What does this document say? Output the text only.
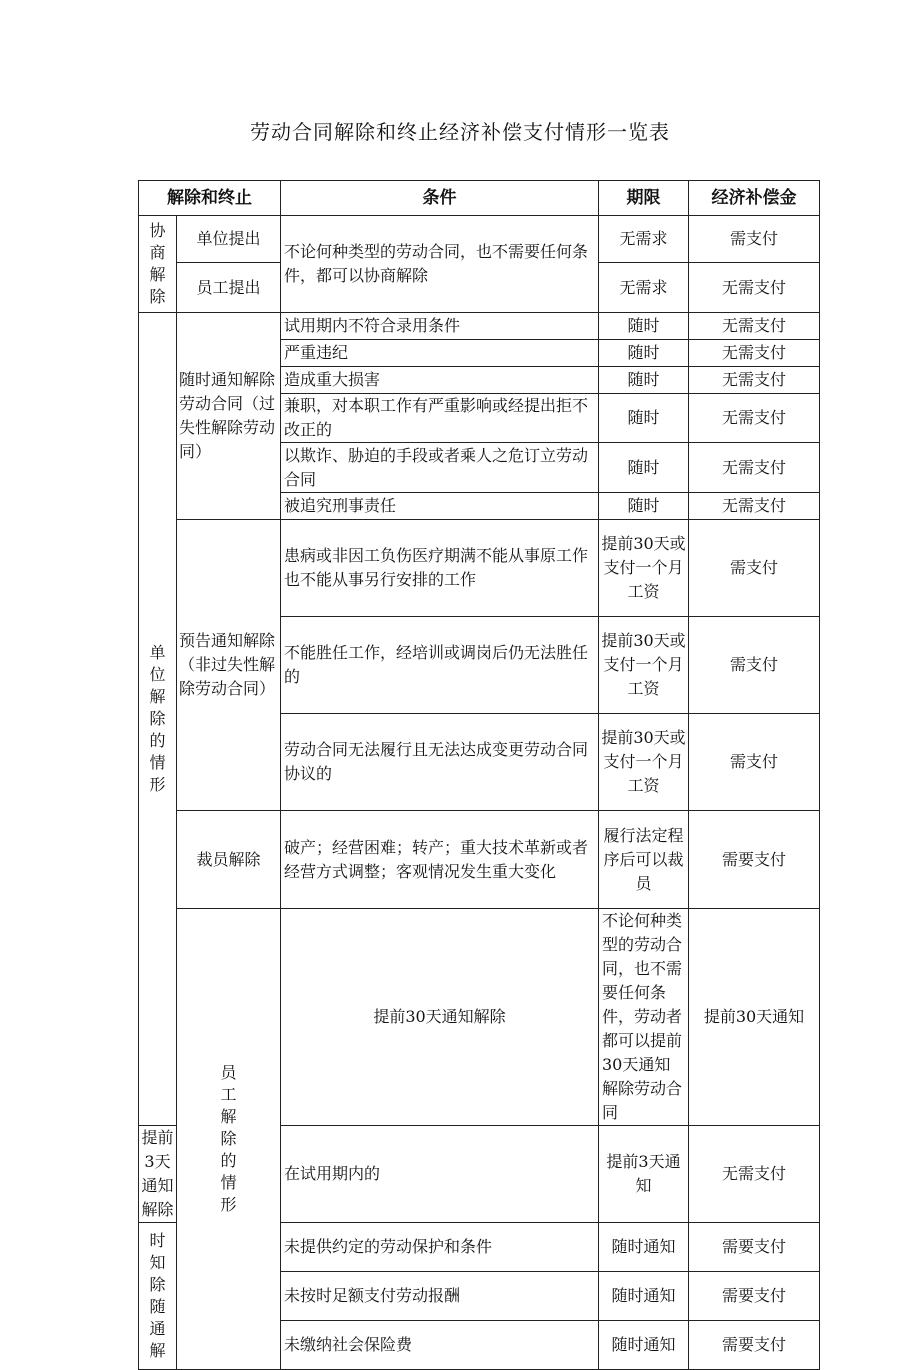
劳动合同解除和终止经济补偿支付情形一览表
解除和终止		条件	期限	经济补偿金	

协商解除	单位提出	不论何种类型的劳动合同，也不需要任何条件，都可以协商解除	无需求	需支付	
	员工提出		无需求	无需支付	

单位解除的情形	随时通知解除劳动合同（过失性解除劳动同）	试用期内不符合录用条件	随时	无需支付	
		严重违纪	随时	无需支付	
		造成重大损害	随时	无需支付	
		兼职，对本职工作有严重影响或经提出拒不改正的	随时	无需支付	
		以欺诈、胁迫的手段或者乘人之危订立劳动合同	随时	无需支付	
		被追究刑事责任	随时	无需支付	
	预告通知解除（非过失性解除劳动合同）	患病或非因工负伤医疗期满不能从事原工作也不能从事另行安排的工作	提前30天或支付一个月工资	需支付	
		不能胜任工作，经培训或调岗后仍无法胜任的	提前30天或支付一个月工资	需支付	
		劳动合同无法履行且无法达成变更劳动合同协议的	提前30天或支付一个月工资	需支付	
	裁员解除	破产；经营困难；转产；重大技术革新或者经营方式调整；客观情况发生重大变化	履行法定程序后可以裁员	需要支付	

	员工解除的情形	提前30天通知解除	不论何种类型的劳动合同，也不需要任何条件，劳动者都可以提前30天通知解除劳动合同	提前30天通知	
提前3天通知解除		在试用期内的	提前3天通知	无需支付	

时知除随通解		未提供约定的劳动保护和条件	随时通知	需要支付	
		未按时足额支付劳动报酬	随时通知	需要支付	
		未缴纳社会保险费	随时通知	需要支付	
